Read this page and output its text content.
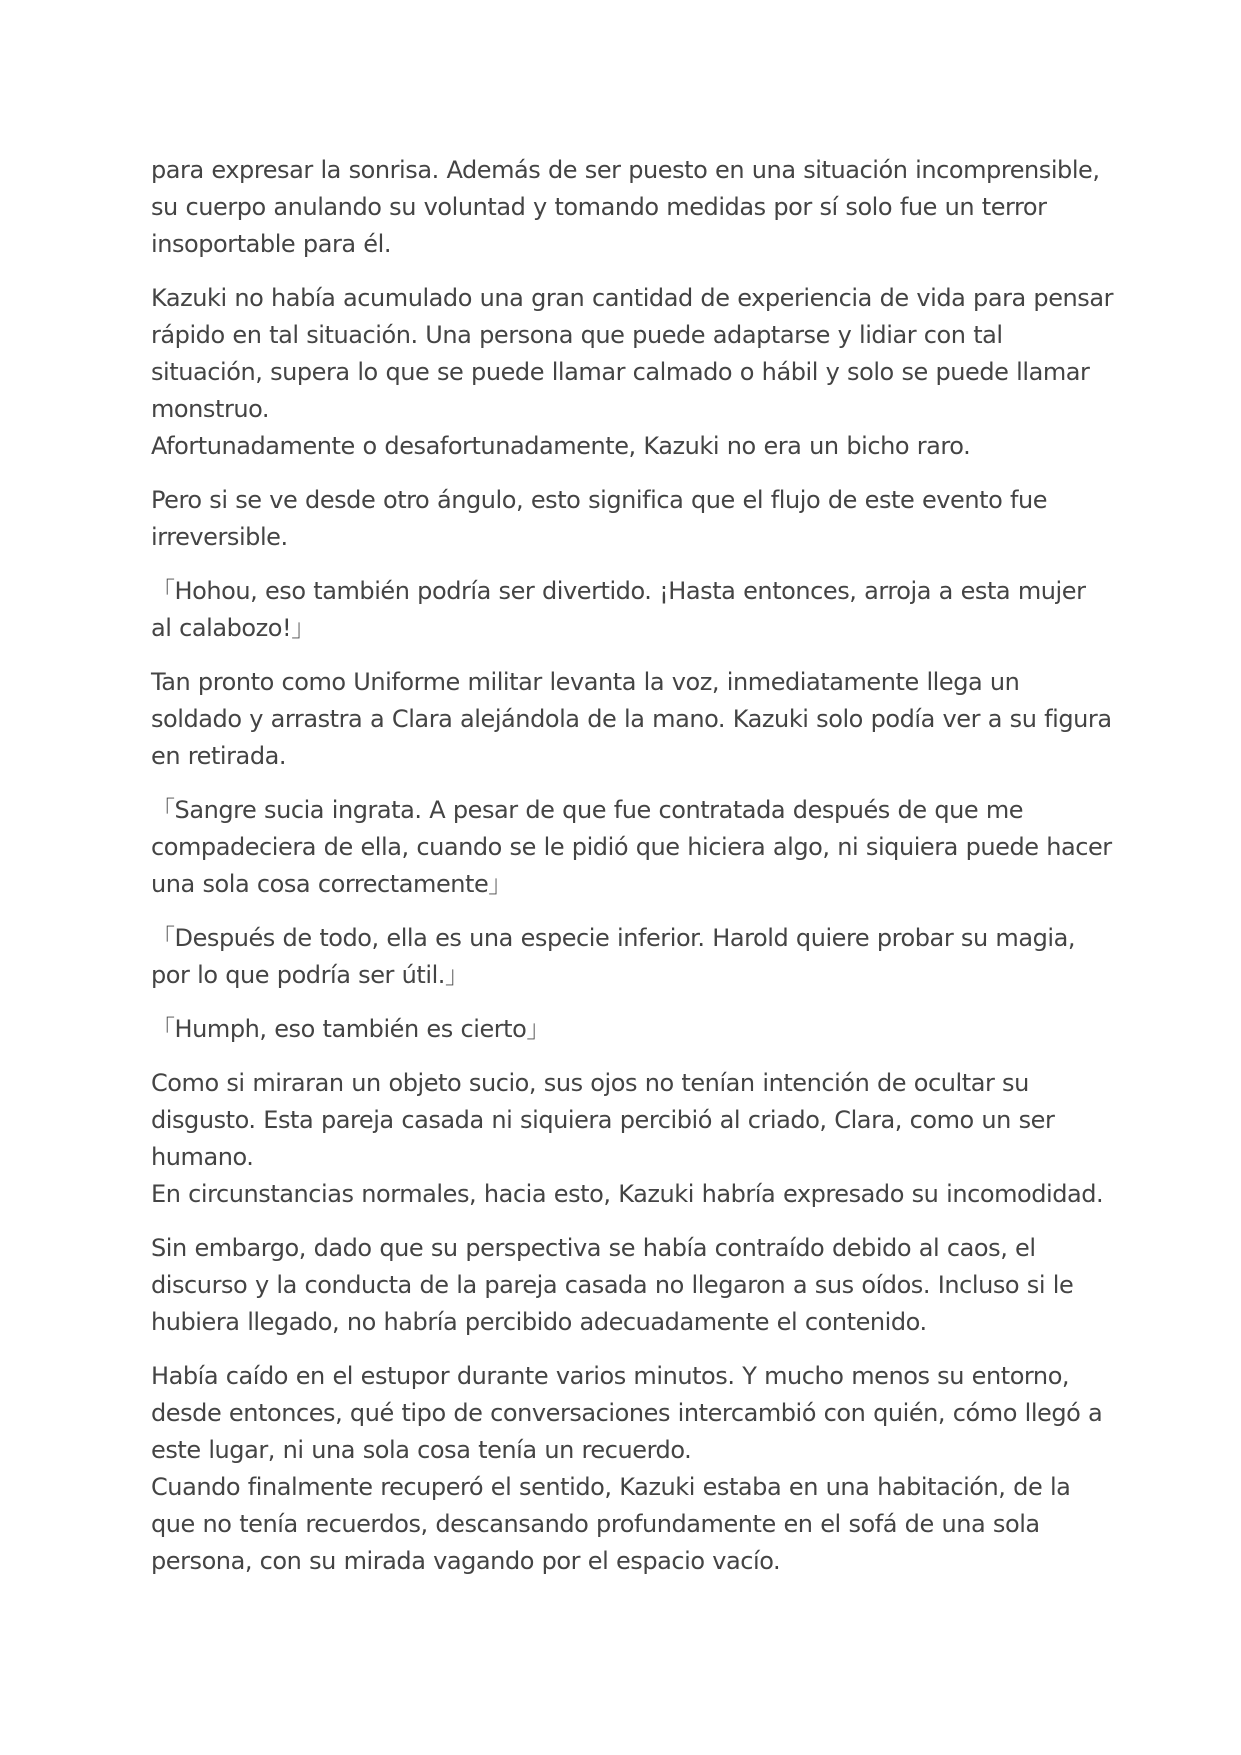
para expresar la sonrisa. Además de ser puesto en una situación incomprensible,
su cuerpo anulando su voluntad y tomando medidas por sí solo fue un terror
insoportable para él.

Kazuki no había acumulado una gran cantidad de experiencia de vida para pensar
rápido en tal situación. Una persona que puede adaptarse y lidiar con tal
situación, supera lo que se puede llamar calmado o hábil y solo se puede llamar
monstruo.
Afortunadamente o desafortunadamente, Kazuki no era un bicho raro.

Pero si se ve desde otro ángulo, esto significa que el flujo de este evento fue
irreversible.

「Hohou, eso también podría ser divertido. ¡Hasta entonces, arroja a esta mujer
al calabozo!」

Tan pronto como Uniforme militar levanta la voz, inmediatamente llega un
soldado y arrastra a Clara alejándola de la mano. Kazuki solo podía ver a su figura
en retirada.

「Sangre sucia ingrata. A pesar de que fue contratada después de que me
compadeciera de ella, cuando se le pidió que hiciera algo, ni siquiera puede hacer
una sola cosa correctamente」

「Después de todo, ella es una especie inferior. Harold quiere probar su magia,
por lo que podría ser útil.」

「Humph, eso también es cierto」

Como si miraran un objeto sucio, sus ojos no tenían intención de ocultar su
disgusto. Esta pareja casada ni siquiera percibió al criado, Clara, como un ser
humano.
En circunstancias normales, hacia esto, Kazuki habría expresado su incomodidad.

Sin embargo, dado que su perspectiva se había contraído debido al caos, el
discurso y la conducta de la pareja casada no llegaron a sus oídos. Incluso si le
hubiera llegado, no habría percibido adecuadamente el contenido.

Había caído en el estupor durante varios minutos. Y mucho menos su entorno,
desde entonces, qué tipo de conversaciones intercambió con quién, cómo llegó a
este lugar, ni una sola cosa tenía un recuerdo.
Cuando finalmente recuperó el sentido, Kazuki estaba en una habitación, de la
que no tenía recuerdos, descansando profundamente en el sofá de una sola
persona, con su mirada vagando por el espacio vacío.
